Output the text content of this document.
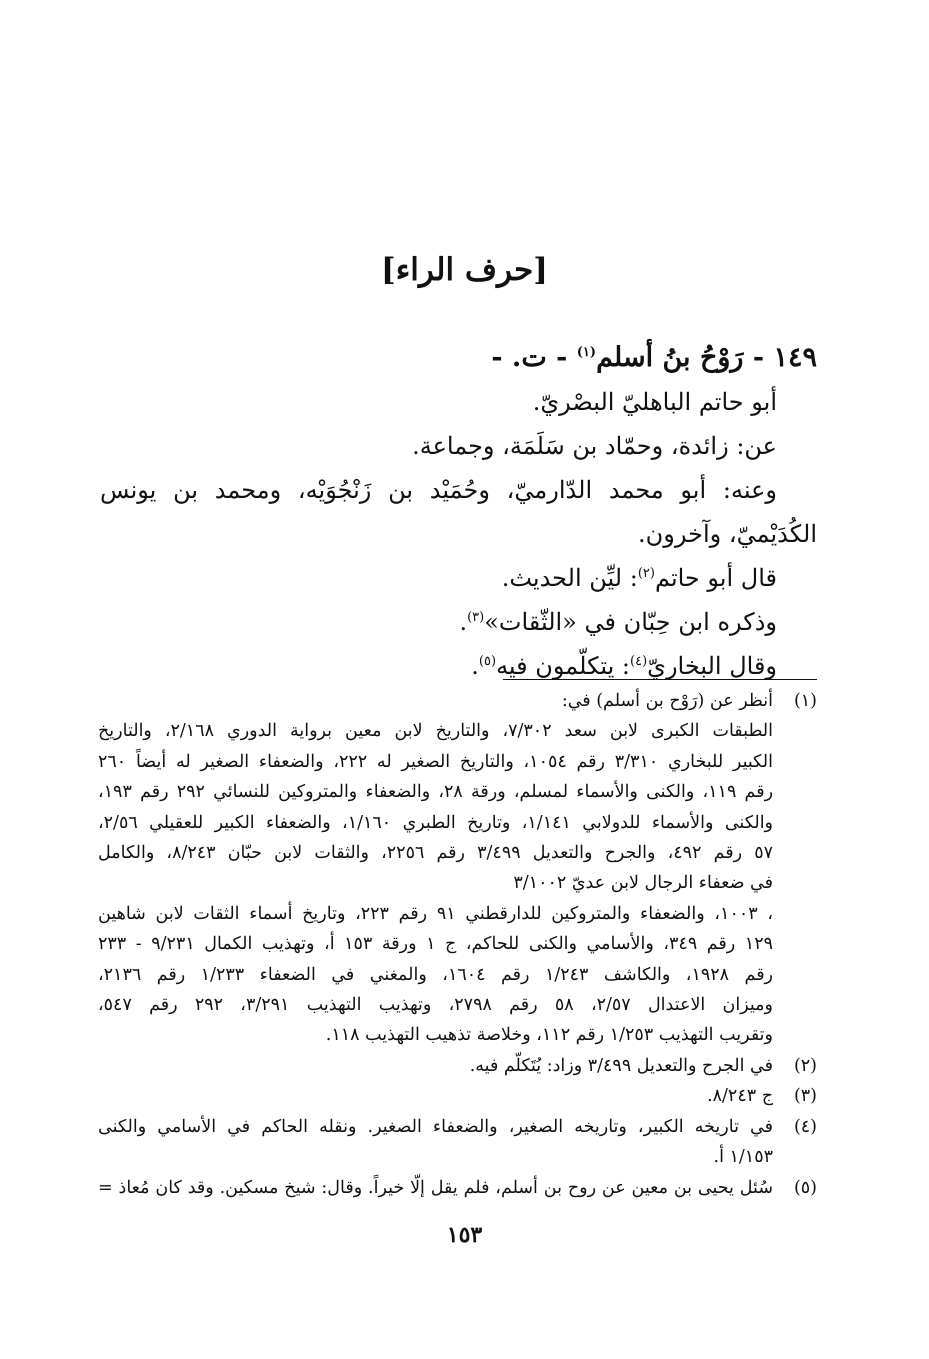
[حرف الراء]
١٤٩ - رَوْحُ بنُ أسلم$^{(١)}$ - ت. -
أبو حاتم الباهليّ البصْريّ.
عن: زائدة، وحمّاد بن سَلَمَة، وجماعة.
وعنه: أبو محمد الدّارميّ، وحُمَيْد بن زَنْجُوَيْه، ومحمد بن يونس
الكُدَيْميّ، وآخرون.
قال أبو حاتم$^{(٢)}$: ليِّن الحديث.
وذكره ابن حِبّان في «الثّقات»$^{(٣)}$.
وقال البخاريّ$^{(٤)}$: يتكلّمون فيه$^{(٥)}$.
(١)
أنظر عن (رَوْح بن أسلم) في:
الطبقات الكبرى لابن سعد ٧/٣٠٢، والتاريخ لابن معين برواية الدوري ٢/١٦٨، والتاريخ
الكبير للبخاري ٣/٣١٠ رقم ١٠٥٤، والتاريخ الصغير له ٢٢٢، والضعفاء الصغير له أيضاً ٢٦٠
رقم ١١٩، والكنى والأسماء لمسلم، ورقة ٢٨، والضعفاء والمتروكين للنسائي ٢٩٢ رقم ١٩٣،
والكنى والأسماء للدولابي ١/١٤١، وتاريخ الطبري ١/١٦٠، والضعفاء الكبير للعقيلي ٢/٥٦،
٥٧ رقم ٤٩٢، والجرح والتعديل ٣/٤٩٩ رقم ٢٢٥٦، والثقات لابن حبّان ٨/٢٤٣، والكامل
في ضعفاء الرجال لابن عديّ ٣/١٠٠٢
، ١٠٠٣، والضعفاء والمتروكين للدارقطني ٩١ رقم ٢٢٣، وتاريخ أسماء الثقات لابن شاهين
١٢٩ رقم ٣٤٩، والأسامي والكنى للحاكم، ج ١ ورقة ١٥٣ أ، وتهذيب الكمال ٩/٢٣١ - ٢٣٣
رقم ١٩٢٨، والكاشف ١/٢٤٣ رقم ١٦٠٤، والمغني في الضعفاء ١/٢٣٣ رقم ٢١٣٦،
وميزان الاعتدال ٢/٥٧، ٥٨ رقم ٢٧٩٨، وتهذيب التهذيب ٣/٢٩١، ٢٩٢ رقم ٥٤٧،
وتقريب التهذيب ١/٢٥٣ رقم ١١٢، وخلاصة تذهيب التهذيب ١١٨.
(٢)
في الجرح والتعديل ٣/٤٩٩ وزاد: يُتَكلّم فيه.
(٣)
ج ٨/٢٤٣.
(٤)
في تاريخه الكبير، وتاريخه الصغير، والضعفاء الصغير. ونقله الحاكم في الأسامي والكنى
١/١٥٣ أ.
(٥)
سُئل يحيى بن معين عن روح بن أسلم، فلم يقل إلّا خيراً. وقال: شيخ مسكين. وقد كان مُعاذ =
١٥٣
